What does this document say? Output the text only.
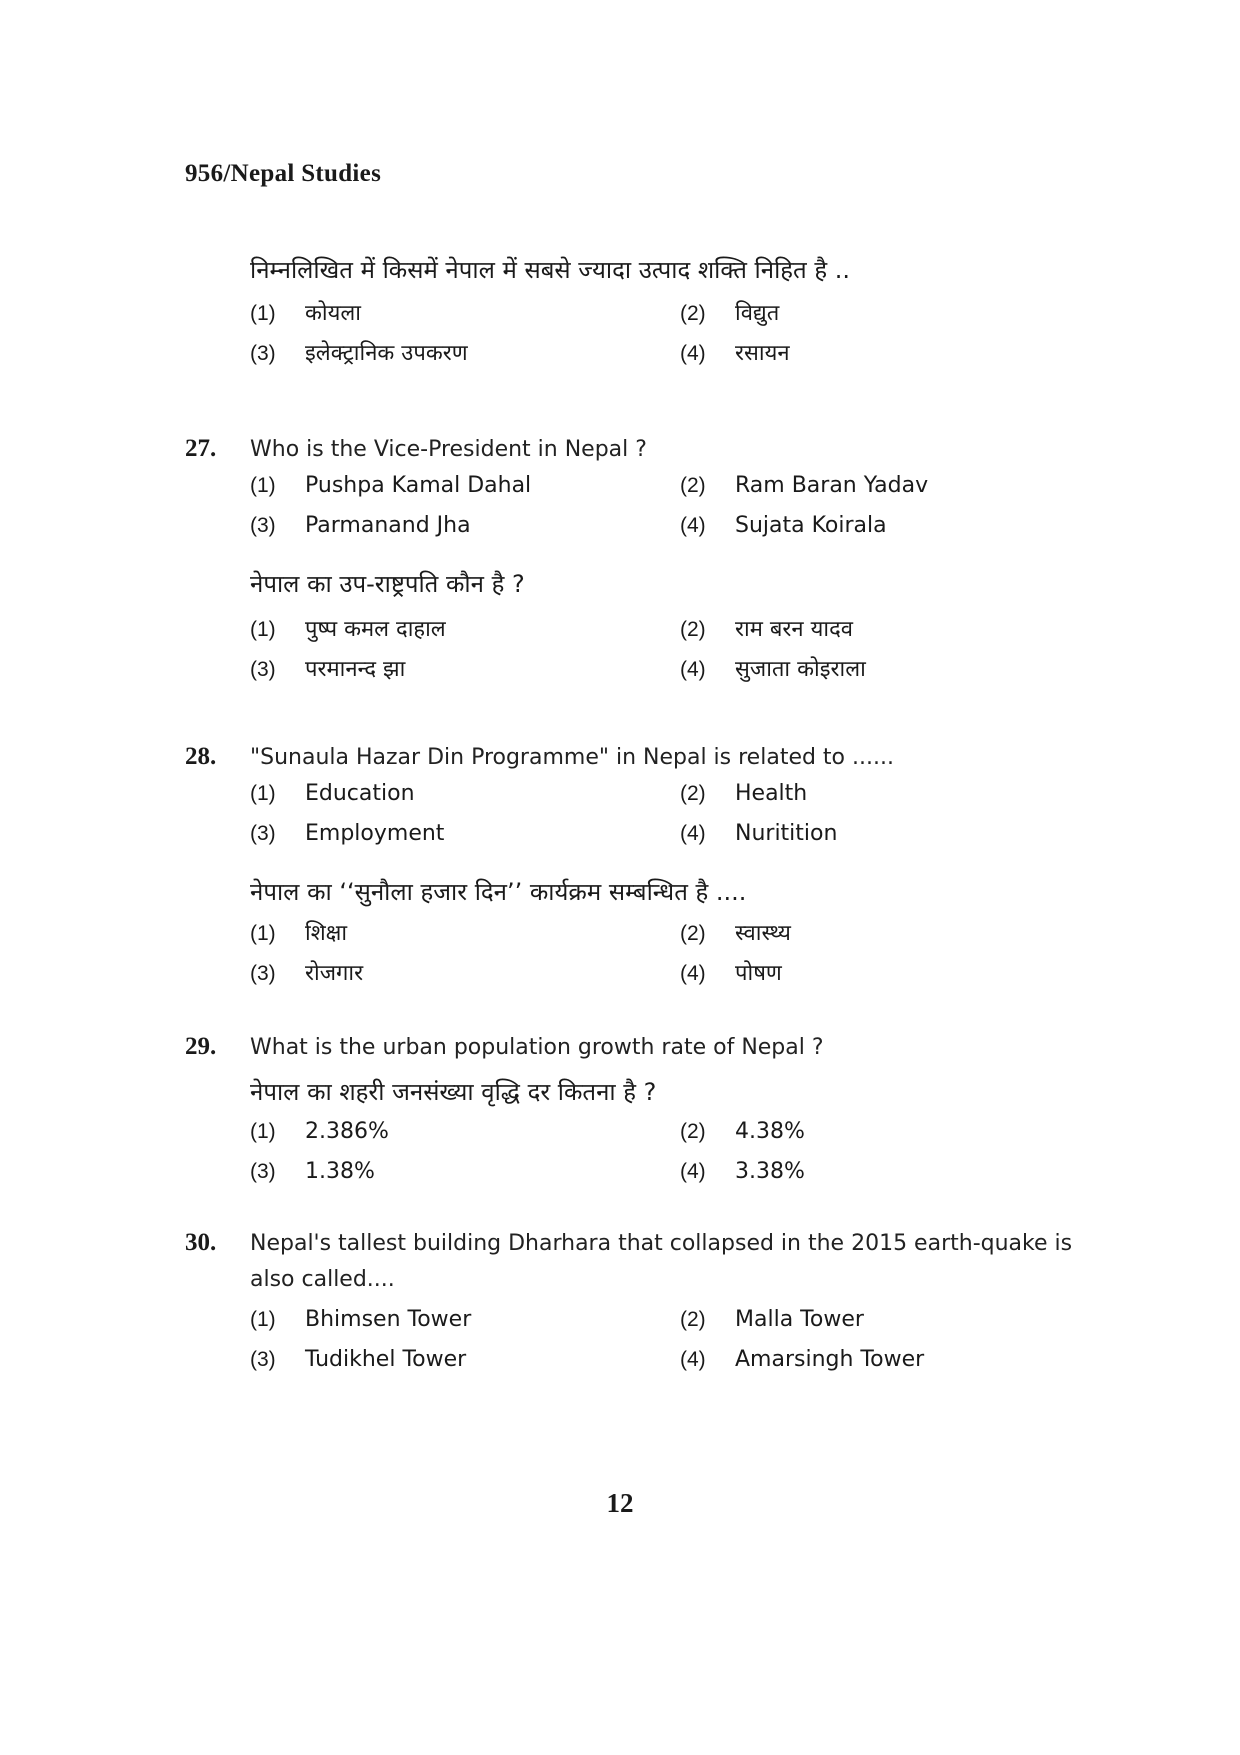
956/Nepal Studies
निम्नलिखित में किसमें नेपाल में सबसे ज्यादा उत्पाद शक्ति निहित है ..
(1)	कोयला	(2)	विद्युत
(3)	इलेक्ट्रानिक उपकरण	(4)	रसायन
27.	Who is the Vice-President in Nepal ?
(1)	Pushpa Kamal Dahal	(2)	Ram Baran Yadav
(3)	Parmanand Jha	(4)	Sujata Koirala
नेपाल का उप-राष्ट्रपति कौन है ?
(1)	पुष्प कमल दाहाल	(2)	राम बरन यादव
(3)	परमानन्द झा	(4)	सुजाता कोइराला
28.	"Sunaula Hazar Din Programme" in Nepal is related to ......
(1)	Education	(2)	Health
(3)	Employment	(4)	Nuritition
नेपाल का ‘‘सुनौला हजार दिन’’ कार्यक्रम सम्बन्धित है ....
(1)	शिक्षा	(2)	स्वास्थ्य
(3)	रोजगार	(4)	पोषण
29.	What is the urban population growth rate of Nepal ?
नेपाल का शहरी जनसंख्या वृद्धि दर कितना है ?
(1)	2.386%	(2)	4.38%
(3)	1.38%	(4)	3.38%
30.	Nepal's tallest building Dharhara that collapsed in the 2015 earth-quake is also called....
(1)	Bhimsen Tower	(2)	Malla Tower
(3)	Tudikhel Tower	(4)	Amarsingh Tower
12
